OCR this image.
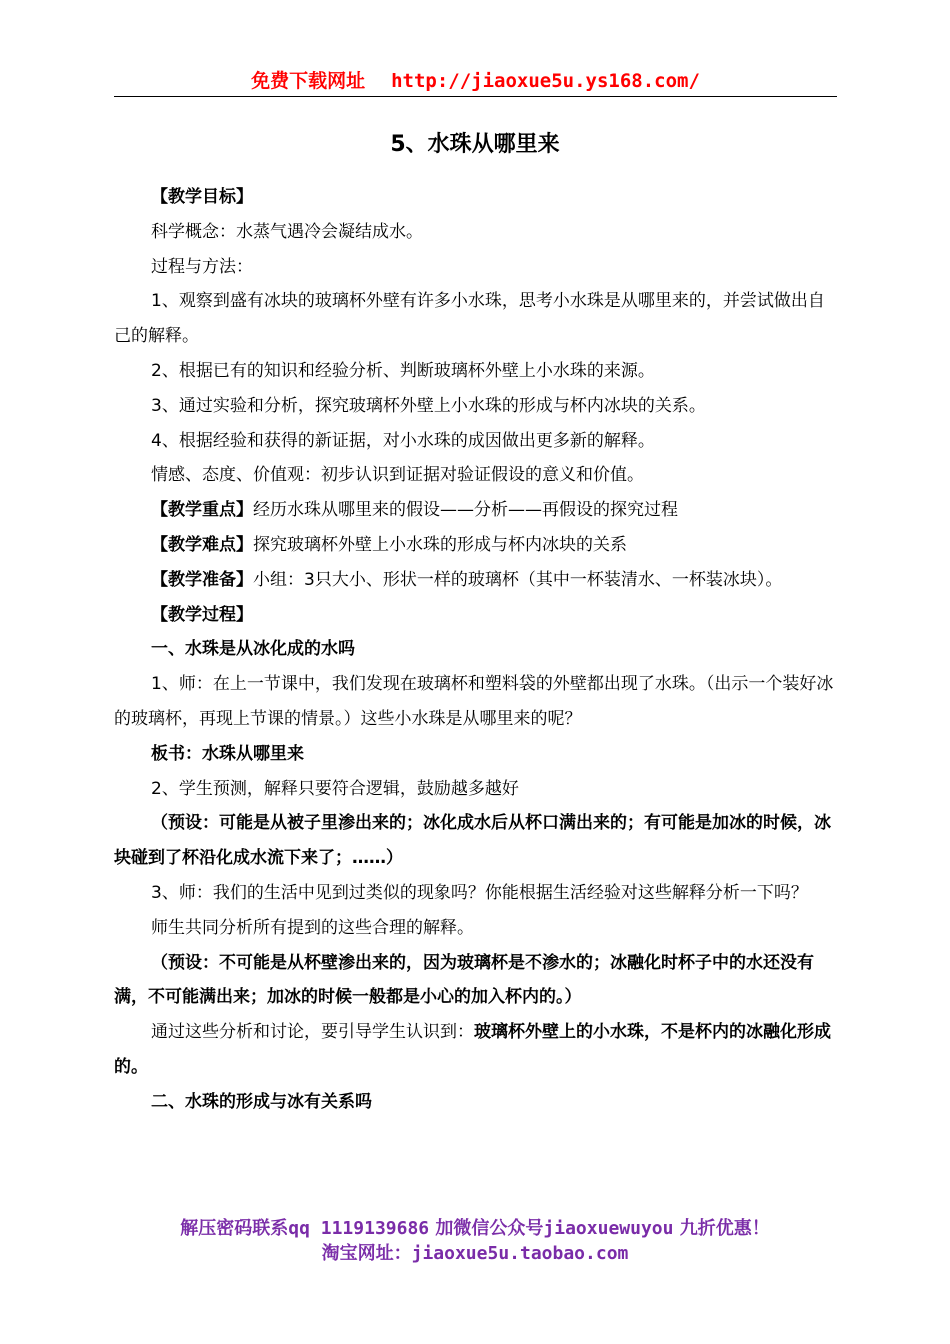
免费下载网址 http://jiaoxue5u.ys168.com/
5、水珠从哪里来
【教学目标】
科学概念：水蒸气遇冷会凝结成水。
过程与方法：
1、观察到盛有冰块的玻璃杯外壁有许多小水珠，思考小水珠是从哪里来的，并尝试做出自己的解释。
2、根据已有的知识和经验分析、判断玻璃杯外壁上小水珠的来源。
3、通过实验和分析，探究玻璃杯外壁上小水珠的形成与杯内冰块的关系。
4、根据经验和获得的新证据，对小水珠的成因做出更多新的解释。
情感、态度、价值观：初步认识到证据对验证假设的意义和价值。
【教学重点】经历水珠从哪里来的假设——分析——再假设的探究过程
【教学难点】探究玻璃杯外壁上小水珠的形成与杯内冰块的关系
【教学准备】小组：3只大小、形状一样的玻璃杯（其中一杯装清水、一杯装冰块）。
【教学过程】
一、水珠是从冰化成的水吗
1、师：在上一节课中，我们发现在玻璃杯和塑料袋的外壁都出现了水珠。（出示一个装好冰的玻璃杯，再现上节课的情景。）这些小水珠是从哪里来的呢？
板书：水珠从哪里来
2、学生预测，解释只要符合逻辑，鼓励越多越好
（预设：可能是从被子里渗出来的；冰化成水后从杯口满出来的；有可能是加冰的时候，冰块碰到了杯沿化成水流下来了；……）
3、师：我们的生活中见到过类似的现象吗？你能根据生活经验对这些解释分析一下吗？
师生共同分析所有提到的这些合理的解释。
（预设：不可能是从杯壁渗出来的，因为玻璃杯是不渗水的；冰融化时杯子中的水还没有满，不可能满出来；加冰的时候一般都是小心的加入杯内的。）
通过这些分析和讨论，要引导学生认识到：玻璃杯外壁上的小水珠，不是杯内的冰融化形成的。
二、水珠的形成与冰有关系吗
解压密码联系qq 1119139686 加微信公众号jiaoxuewuyou 九折优惠！
淘宝网址：jiaoxue5u.taobao.com
